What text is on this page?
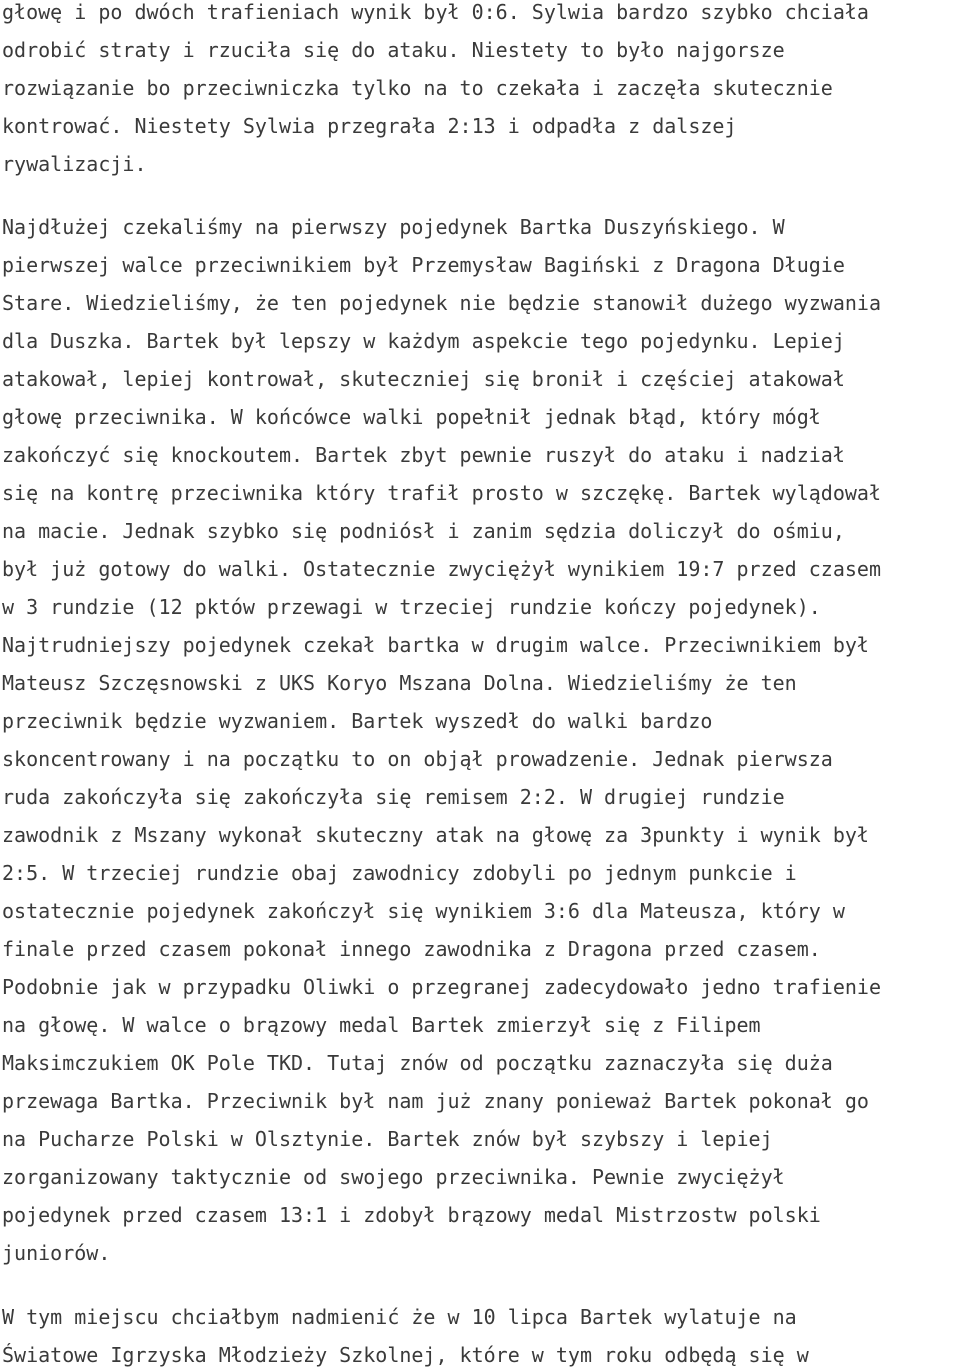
głowę i po dwóch trafieniach wynik był 0:6. Sylwia bardzo szybko chciała
odrobić straty i rzuciła się do ataku. Niestety to było najgorsze
rozwiązanie bo przeciwniczka tylko na to czekała i zaczęła skutecznie
kontrować. Niestety Sylwia przegrała 2:13 i odpadła z dalszej
rywalizacji.
Najdłużej czekaliśmy na pierwszy pojedynek Bartka Duszyńskiego. W
pierwszej walce przeciwnikiem był Przemysław Bagiński z Dragona Długie
Stare. Wiedzieliśmy, że ten pojedynek nie będzie stanowił dużego wyzwania
dla Duszka. Bartek był lepszy w każdym aspekcie tego pojedynku. Lepiej
atakował, lepiej kontrował, skuteczniej się bronił i częściej atakował
głowę przeciwnika. W końcówce walki popełnił jednak błąd, który mógł
zakończyć się knockoutem. Bartek zbyt pewnie ruszył do ataku i nadział
się na kontrę przeciwnika który trafił prosto w szczękę. Bartek wylądował
na macie. Jednak szybko się podniósł i zanim sędzia doliczył do ośmiu,
był już gotowy do walki. Ostatecznie zwyciężył wynikiem 19:7 przed czasem
w 3 rundzie (12 pktów przewagi w trzeciej rundzie kończy pojedynek).
Najtrudniejszy pojedynek czekał bartka w drugim walce. Przeciwnikiem był
Mateusz Szczęsnowski z UKS Koryo Mszana Dolna. Wiedzieliśmy że ten
przeciwnik będzie wyzwaniem. Bartek wyszedł do walki bardzo
skoncentrowany i na początku to on objął prowadzenie. Jednak pierwsza
ruda zakończyła się zakończyła się remisem 2:2. W drugiej rundzie
zawodnik z Mszany wykonał skuteczny atak na głowę za 3punkty i wynik był
2:5. W trzeciej rundzie obaj zawodnicy zdobyli po jednym punkcie i
ostatecznie pojedynek zakończył się wynikiem 3:6 dla Mateusza, który w
finale przed czasem pokonał innego zawodnika z Dragona przed czasem.
Podobnie jak w przypadku Oliwki o przegranej zadecydowało jedno trafienie
na głowę. W walce o brązowy medal Bartek zmierzył się z Filipem
Maksimczukiem OK Pole TKD. Tutaj znów od początku zaznaczyła się duża
przewaga Bartka. Przeciwnik był nam już znany ponieważ Bartek pokonał go
na Pucharze Polski w Olsztynie. Bartek znów był szybszy i lepiej
zorganizowany taktycznie od swojego przeciwnika. Pewnie zwyciężył
pojedynek przed czasem 13:1 i zdobył brązowy medal Mistrzostw polski
juniorów.
W tym miejscu chciałbym nadmienić że w 10 lipca Bartek wylatuje na
Światowe Igrzyska Młodzieży Szkolnej, które w tym roku odbędą się w
